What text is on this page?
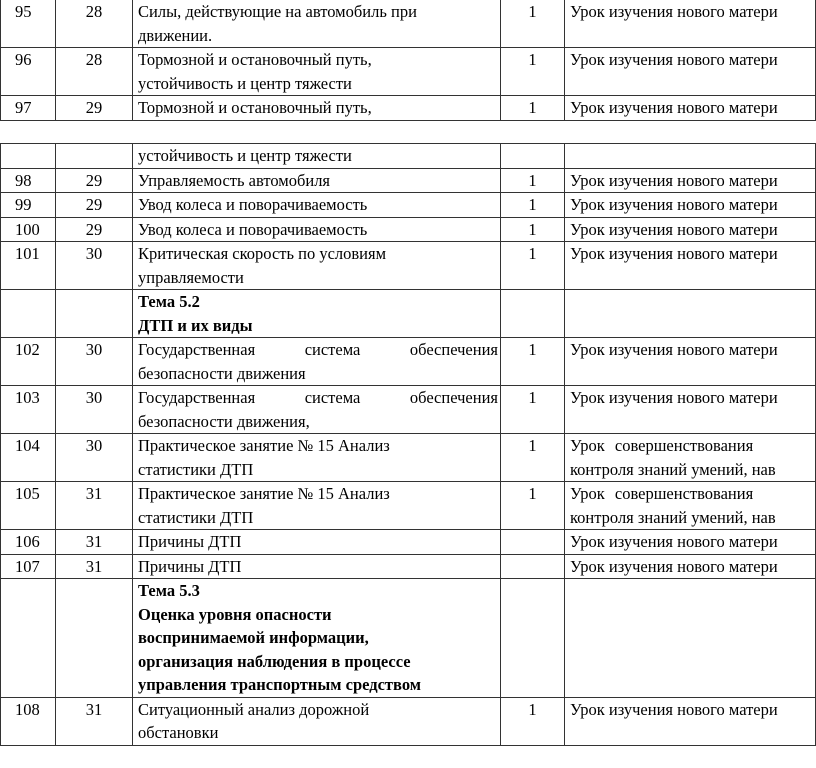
95	28	Силы, действующие на автомобиль при
движении.	1	Урок изучения нового матери

96	28	Тормозной и остановочный путь,
устойчивость и центр тяжести	1	Урок изучения нового матери

97	29	Тормозной и остановочный путь,	1	Урок изучения нового матери

		устойчивость и центр тяжести		

98	29	Управляемость автомобиля	1	Урок изучения нового матери

99	29	Увод колеса и поворачиваемость	1	Урок изучения нового матери

100	29	Увод колеса и поворачиваемость	1	Урок изучения нового матери

101	30	Критическая скорость по условиям
управляемости	1	Урок изучения нового матери

		Тема 5.2
ДТП и их виды		

102	30	Государственная система обеспечения
безопасности движения	1	Урок изучения нового матери

103	30	Государственная система обеспечения
безопасности движения,	1	Урок изучения нового матери

104	30	Практическое занятие № 15 Анализ
статистики ДТП	1	Урок совершенствования
контроля знаний умений, нав

105	31	Практическое занятие № 15 Анализ
статистики ДТП	1	Урок совершенствования
контроля знаний умений, нав

106	31	Причины ДТП		Урок изучения нового матери

107	31	Причины ДТП		Урок изучения нового матери

		Тема 5.3
Оценка уровня опасности
воспринимаемой информации,
организация наблюдения в процессе
управления транспортным средством		

108	31	Ситуационный анализ дорожной
обстановки	1	Урок изучения нового матери
